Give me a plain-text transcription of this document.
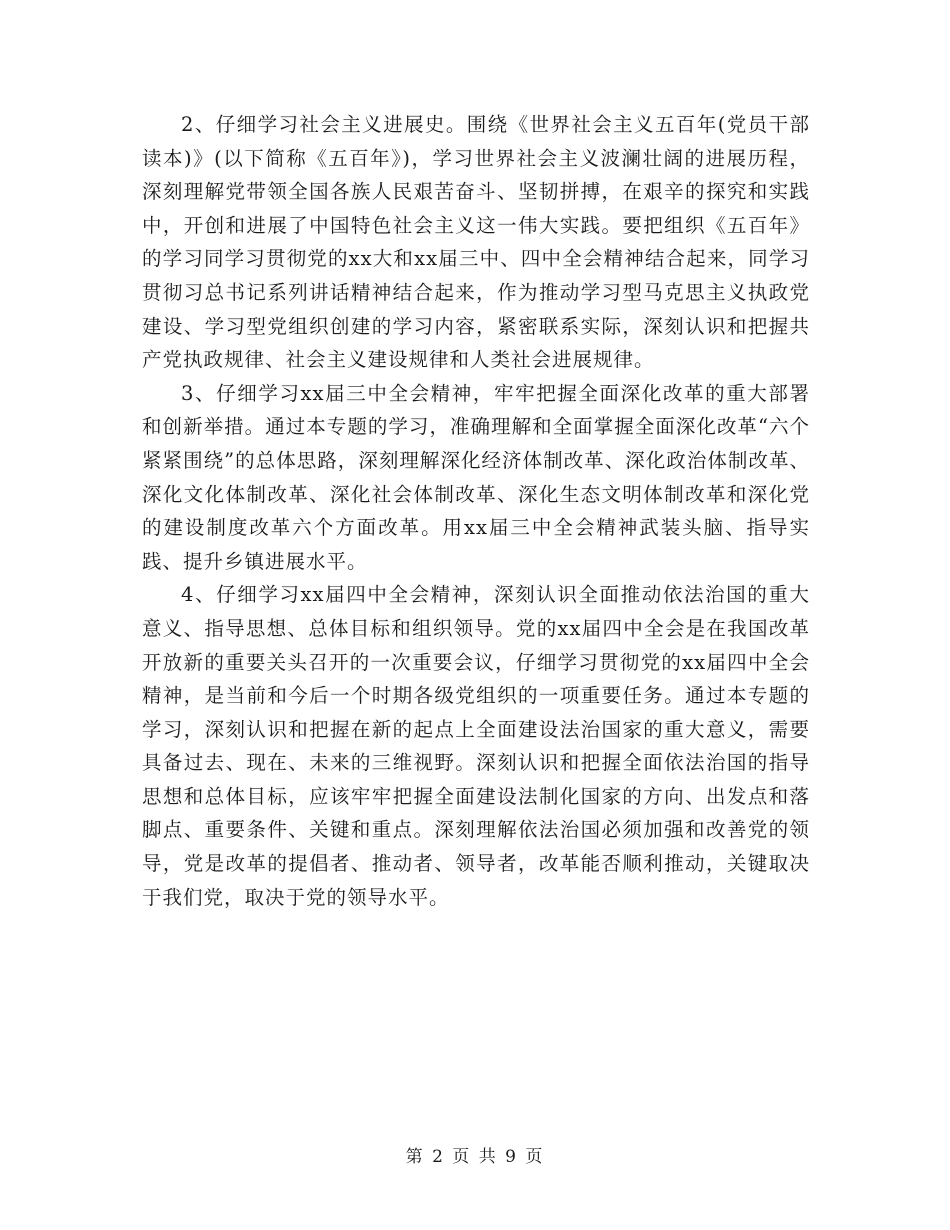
2、仔细学习社会主义进展史。围绕《世界社会主义五百年(党员干部读本)》(以下简称《五百年》)，学习世界社会主义波澜壮阔的进展历程，深刻理解党带领全国各族人民艰苦奋斗、坚韧拼搏，在艰辛的探究和实践中，开创和进展了中国特色社会主义这一伟大实践。要把组织《五百年》的学习同学习贯彻党的xx大和xx届三中、四中全会精神结合起来，同学习贯彻习总书记系列讲话精神结合起来，作为推动学习型马克思主义执政党建设、学习型党组织创建的学习内容，紧密联系实际，深刻认识和把握共产党执政规律、社会主义建设规律和人类社会进展规律。

3、仔细学习xx届三中全会精神，牢牢把握全面深化改革的重大部署和创新举措。通过本专题的学习，准确理解和全面掌握全面深化改革“六个紧紧围绕”的总体思路，深刻理解深化经济体制改革、深化政治体制改革、深化文化体制改革、深化社会体制改革、深化生态文明体制改革和深化党的建设制度改革六个方面改革。用xx届三中全会精神武装头脑、指导实践、提升乡镇进展水平。

4、仔细学习xx届四中全会精神，深刻认识全面推动依法治国的重大意义、指导思想、总体目标和组织领导。党的xx届四中全会是在我国改革开放新的重要关头召开的一次重要会议，仔细学习贯彻党的xx届四中全会精神，是当前和今后一个时期各级党组织的一项重要任务。通过本专题的学习，深刻认识和把握在新的起点上全面建设法治国家的重大意义，需要具备过去、现在、未来的三维视野。深刻认识和把握全面依法治国的指导思想和总体目标，应该牢牢把握全面建设法制化国家的方向、出发点和落脚点、重要条件、关键和重点。深刻理解依法治国必须加强和改善党的领导，党是改革的提倡者、推动者、领导者，改革能否顺利推动，关键取决于我们党，取决于党的领导水平。

第 2 页 共 9 页
